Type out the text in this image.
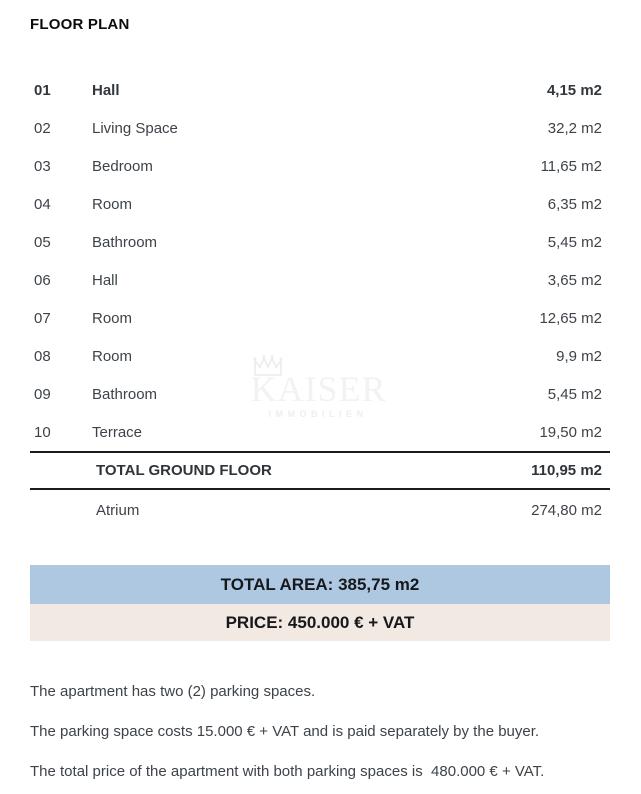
KAISER
IMMOBILIEN
FLOOR PLAN
01	Hall	4,15 m2
02	Living Space	32,2 m2
03	Bedroom	11,65 m2
04	Room	6,35 m2
05	Bathroom	5,45 m2
06	Hall	3,65 m2
07	Room	12,65 m2
08	Room	9,9 m2
09	Bathroom	5,45 m2
10	Terrace	19,50 m2
TOTAL GROUND FLOOR	110,95 m2
Atrium	274,80 m2
TOTAL AREA: 385,75 m2
PRICE: 450.000 € + VAT

The apartment has two (2) parking spaces.

The parking space costs 15.000 € + VAT and is paid separately by the buyer.

The total price of the apartment with both parking spaces is  480.000 € + VAT.
